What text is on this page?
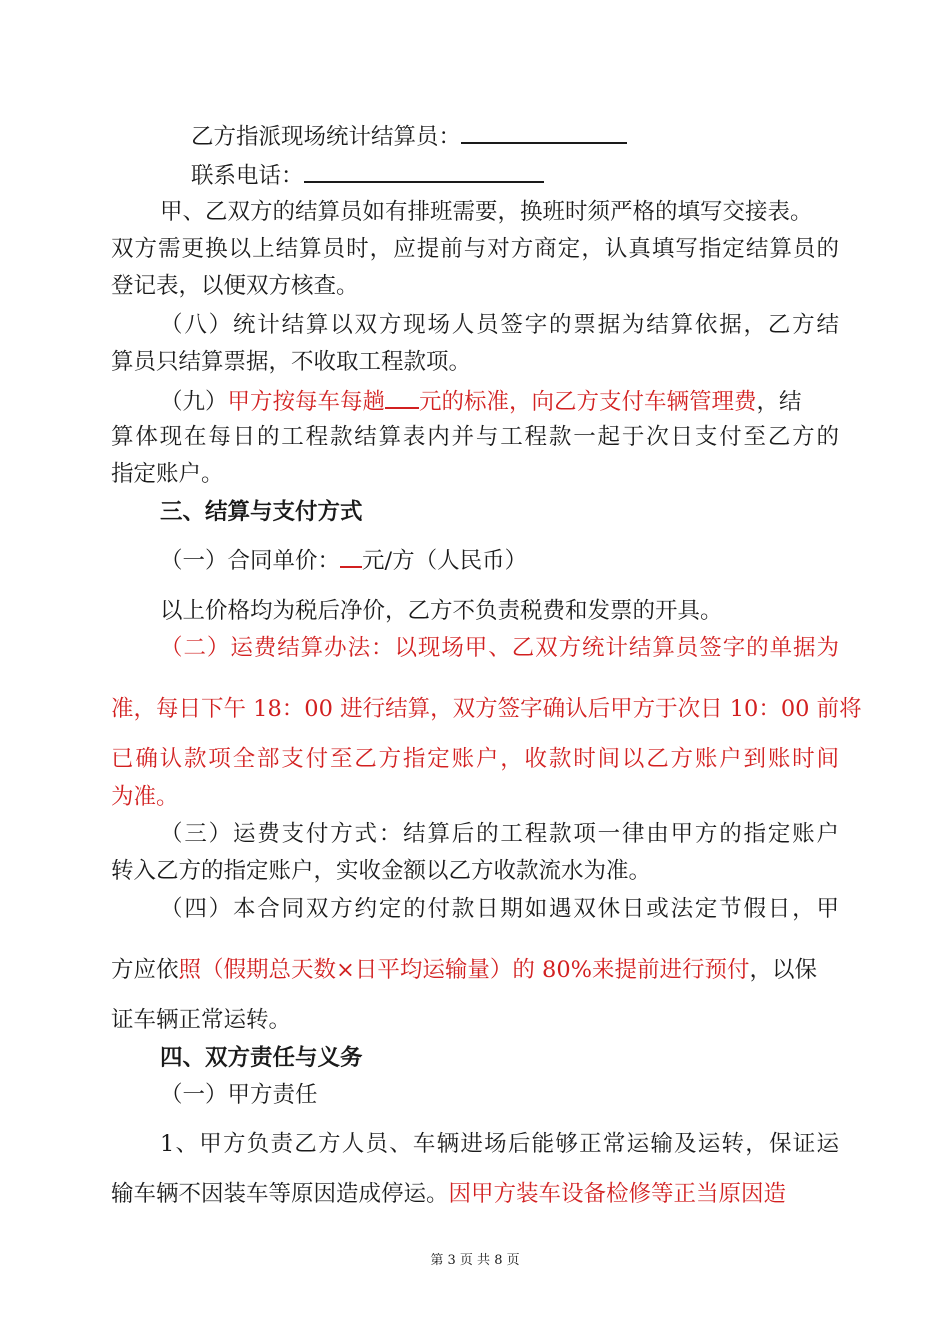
乙方指派现场统计结算员：
联系电话：
甲、乙双方的结算员如有排班需要，换班时须严格的填写交接表。
双方需更换以上结算员时，应提前与对方商定，认真填写指定结算员的
登记表，以便双方核查。
（八）统计结算以双方现场人员签字的票据为结算依据，乙方结
算员只结算票据，不收取工程款项。
（九）甲方按每车每趟 元的标准，向乙方支付车辆管理费，结
算体现在每日的工程款结算表内并与工程款一起于次日支付至乙方的
指定账户。
三、结算与支付方式
（一）合同单价： 元/方（人民币）
以上价格均为税后净价，乙方不负责税费和发票的开具。
（二）运费结算办法：以现场甲、乙双方统计结算员签字的单据为
准，每日下午 18：00 进行结算，双方签字确认后甲方于次日 10：00 前将
已确认款项全部支付至乙方指定账户，收款时间以乙方账户到账时间
为准。
（三）运费支付方式：结算后的工程款项一律由甲方的指定账户
转入乙方的指定账户，实收金额以乙方收款流水为准。
（四）本合同双方约定的付款日期如遇双休日或法定节假日，甲
方应依照（假期总天数×日平均运输量）的 80%来提前进行预付，以保
证车辆正常运转。
四、双方责任与义务
（一）甲方责任
1、甲方负责乙方人员、车辆进场后能够正常运输及运转，保证运
输车辆不因装车等原因造成停运。因甲方装车设备检修等正当原因造
第 3 页 共 8 页
